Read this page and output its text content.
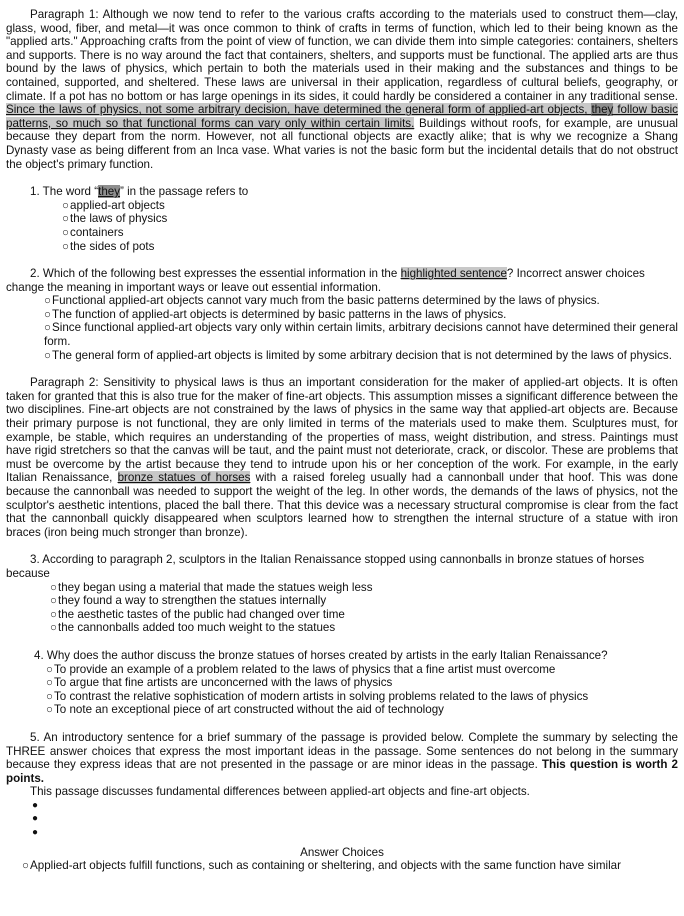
Paragraph 1: Although we now tend to refer to the various crafts according to the materials used to construct them—clay, glass, wood, fiber, and metal—it was once common to think of crafts in terms of function, which led to their being known as the "applied arts." Approaching crafts from the point of view of function, we can divide them into simple categories: containers, shelters and supports. There is no way around the fact that containers, shelters, and supports must be functional. The applied arts are thus bound by the laws of physics, which pertain to both the materials used in their making and the substances and things to be contained, supported, and sheltered. These laws are universal in their application, regardless of cultural beliefs, geography, or climate. If a pot has no bottom or has large openings in its sides, it could hardly be considered a container in any traditional sense. Since the laws of physics, not some arbitrary decision, have determined the general form of applied-art objects, they follow basic patterns, so much so that functional forms can vary only within certain limits. Buildings without roofs, for example, are unusual because they depart from the norm. However, not all functional objects are exactly alike; that is why we recognize a Shang Dynasty vase as being different from an Inca vase. What varies is not the basic form but the incidental details that do not obstruct the object's primary function.

1. The word “they” in the passage refers to

○applied-art objects
○the laws of physics
○containers
○the sides of pots

2. Which of the following best expresses the essential information in the highlighted sentence? Incorrect answer choices change the meaning in important ways or leave out essential information.

○Functional applied-art objects cannot vary much from the basic patterns determined by the laws of physics.
○The function of applied-art objects is determined by basic patterns in the laws of physics.
○Since functional applied-art objects vary only within certain limits, arbitrary decisions cannot have determined their general form.
○The general form of applied-art objects is limited by some arbitrary decision that is not determined by the laws of physics.

Paragraph 2: Sensitivity to physical laws is thus an important consideration for the maker of applied-art objects. It is often taken for granted that this is also true for the maker of fine-art objects. This assumption misses a significant difference between the two disciplines. Fine-art objects are not constrained by the laws of physics in the same way that applied-art objects are. Because their primary purpose is not functional, they are only limited in terms of the materials used to make them. Sculptures must, for example, be stable, which requires an understanding of the properties of mass, weight distribution, and stress. Paintings must have rigid stretchers so that the canvas will be taut, and the paint must not deteriorate, crack, or discolor. These are problems that must be overcome by the artist because they tend to intrude upon his or her conception of the work. For example, in the early Italian Renaissance, bronze statues of horses with a raised foreleg usually had a cannonball under that hoof. This was done because the cannonball was needed to support the weight of the leg. In other words, the demands of the laws of physics, not the sculptor's aesthetic intentions, placed the ball there. That this device was a necessary structural compromise is clear from the fact that the cannonball quickly disappeared when sculptors learned how to strengthen the internal structure of a statue with iron braces (iron being much stronger than bronze).

3. According to paragraph 2, sculptors in the Italian Renaissance stopped using cannonballs in bronze statues of horses because

○they began using a material that made the statues weigh less
○they found a way to strengthen the statues internally
○the aesthetic tastes of the public had changed over time
○the cannonballs added too much weight to the statues

4. Why does the author discuss the bronze statues of horses created by artists in the early Italian Renaissance?

○To provide an example of a problem related to the laws of physics that a fine artist must overcome
○To argue that fine artists are unconcerned with the laws of physics
○To contrast the relative sophistication of modern artists in solving problems related to the laws of physics
○To note an exceptional piece of art constructed without the aid of technology

5. An introductory sentence for a brief summary of the passage is provided below. Complete the summary by selecting the THREE answer choices that express the most important ideas in the passage. Some sentences do not belong in the summary because they express ideas that are not presented in the passage or are minor ideas in the passage. This question is worth 2 points.

This passage discusses fundamental differences between applied-art objects and fine-art objects.

●
●
●

Answer Choices

○Applied-art objects fulfill functions, such as containing or sheltering, and objects with the same function have similar
